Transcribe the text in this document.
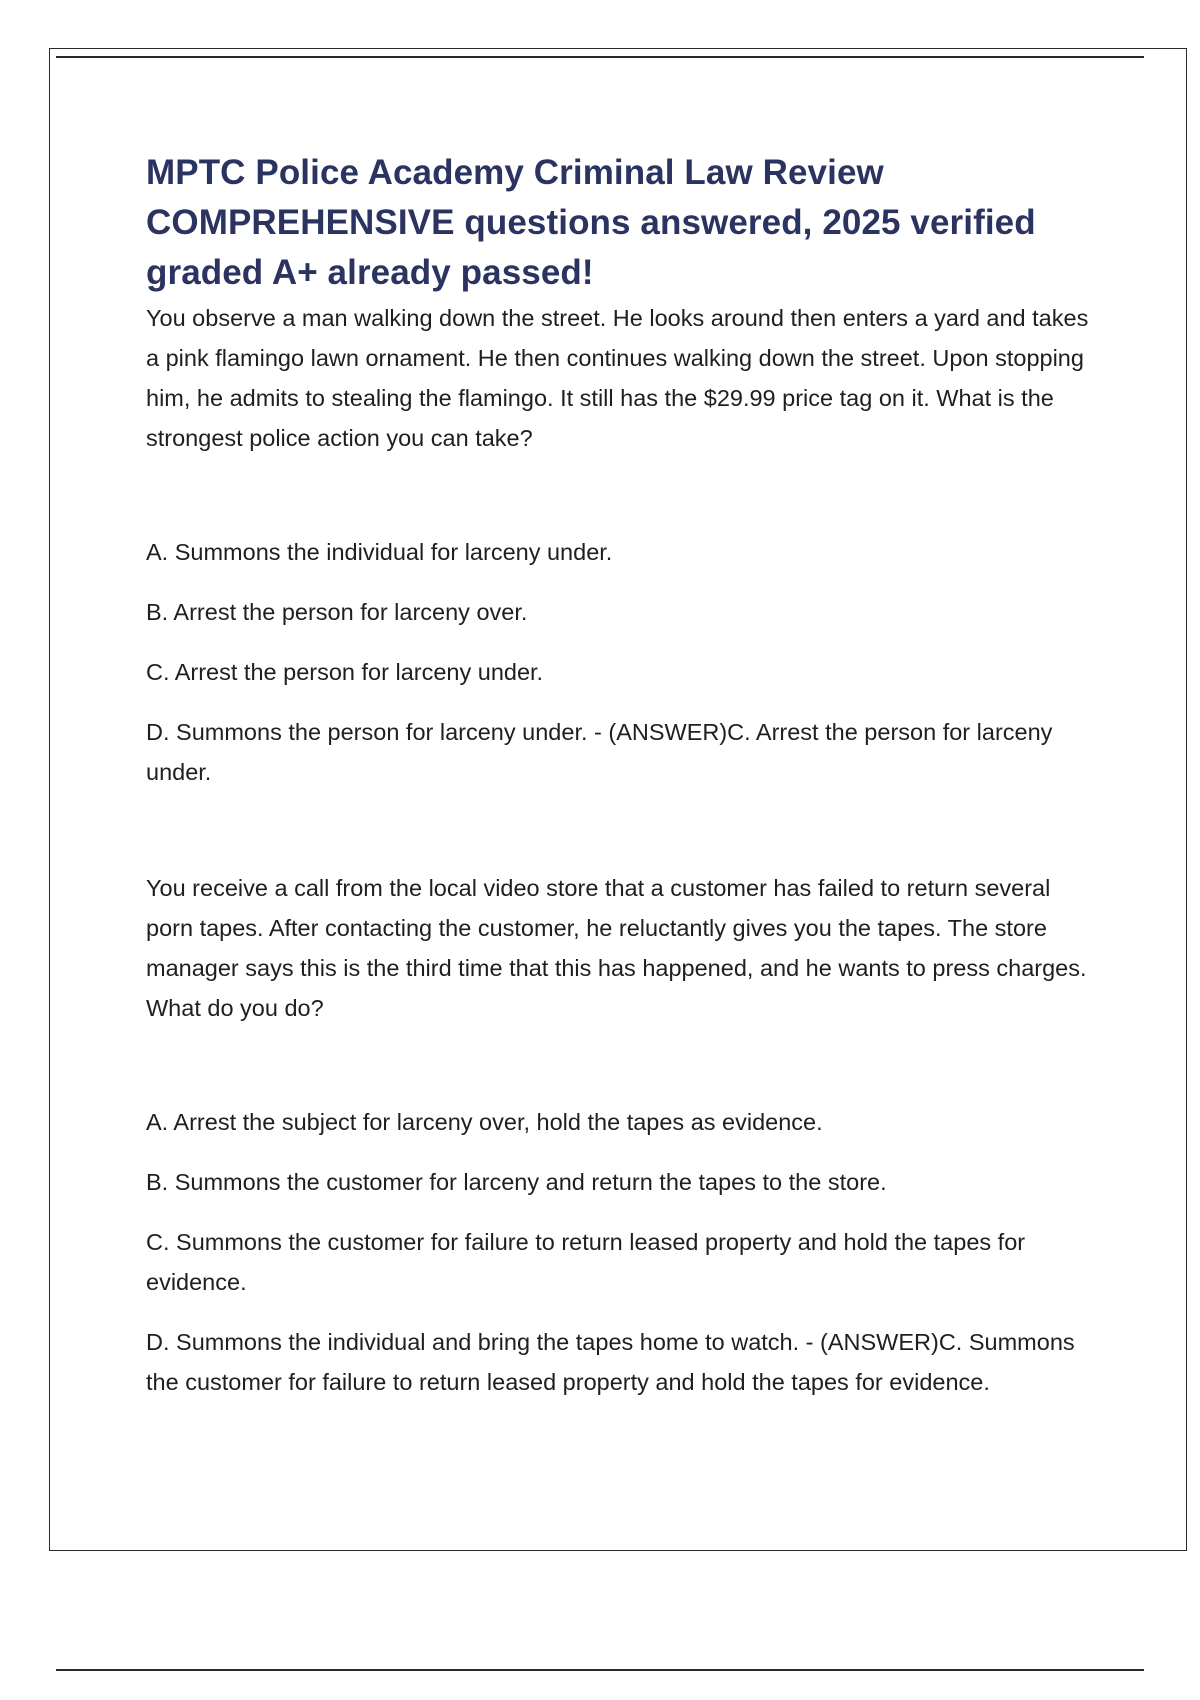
MPTC Police Academy Criminal Law Review COMPREHENSIVE questions answered, 2025 verified graded A+ already passed!

You observe a man walking down the street. He looks around then enters a yard and takes a pink flamingo lawn ornament. He then continues walking down the street. Upon stopping him, he admits to stealing the flamingo. It still has the $29.99 price tag on it. What is the strongest police action you can take?

A. Summons the individual for larceny under.

B. Arrest the person for larceny over.

C. Arrest the person for larceny under.

D. Summons the person for larceny under. - (ANSWER)C. Arrest the person for larceny under.

You receive a call from the local video store that a customer has failed to return several porn tapes. After contacting the customer, he reluctantly gives you the tapes. The store manager says this is the third time that this has happened, and he wants to press charges. What do you do?

A. Arrest the subject for larceny over, hold the tapes as evidence.

B. Summons the customer for larceny and return the tapes to the store.

C. Summons the customer for failure to return leased property and hold the tapes for evidence.

D. Summons the individual and bring the tapes home to watch. - (ANSWER)C. Summons the customer for failure to return leased property and hold the tapes for evidence.
